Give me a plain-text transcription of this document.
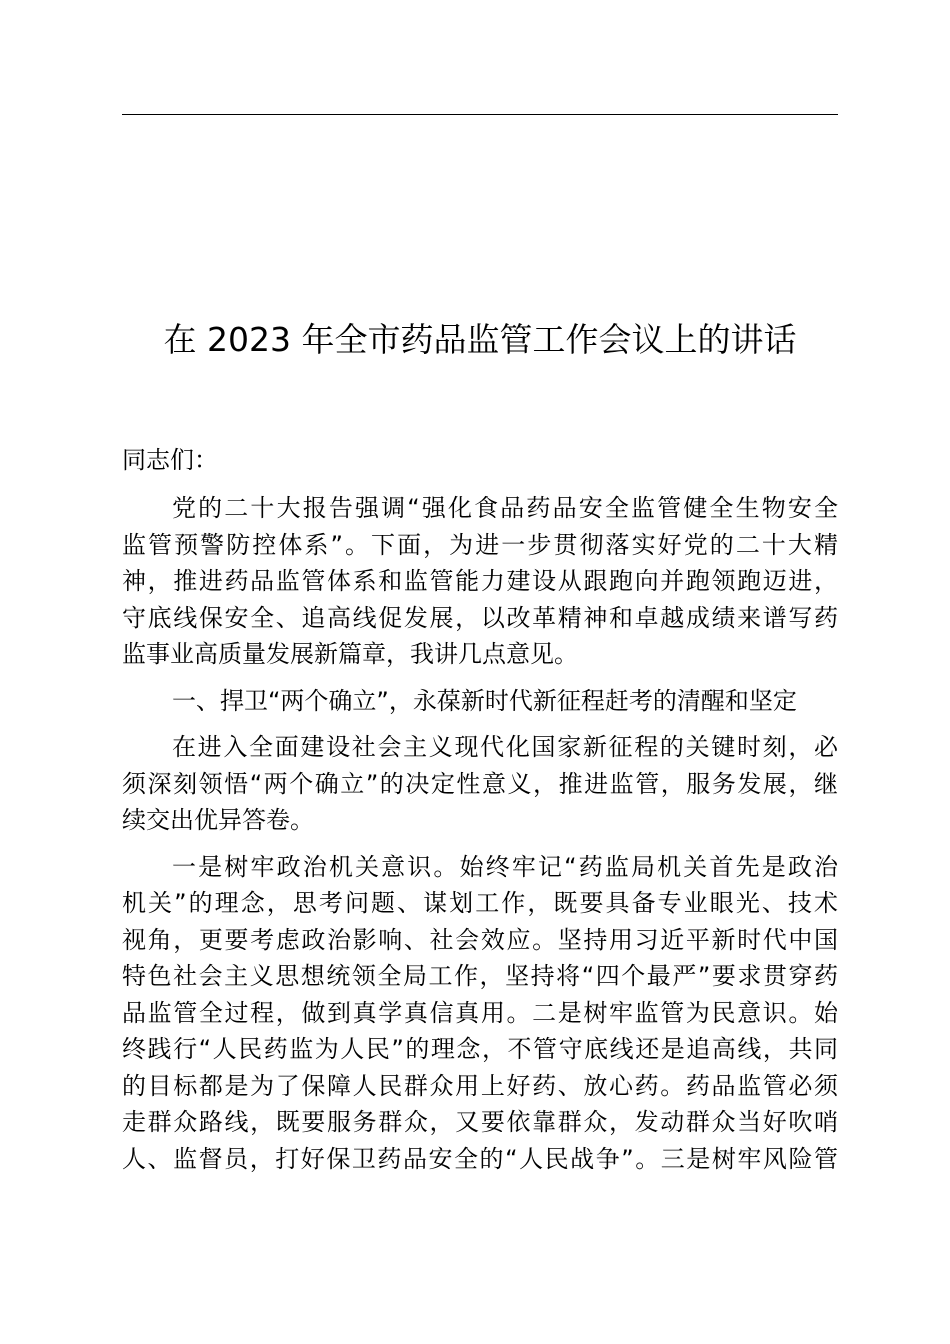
在 2023 年全市药品监管工作会议上的讲话
同志们：
党的二十大报告强调“强化食品药品安全监管健全生物安全
监管预警防控体系”。下面，为进一步贯彻落实好党的二十大精
神，推进药品监管体系和监管能力建设从跟跑向并跑领跑迈进，
守底线保安全、追高线促发展，以改革精神和卓越成绩来谱写药
监事业高质量发展新篇章，我讲几点意见。
一、捍卫“两个确立”，永葆新时代新征程赶考的清醒和坚定
在进入全面建设社会主义现代化国家新征程的关键时刻，必
须深刻领悟“两个确立”的决定性意义，推进监管，服务发展，继
续交出优异答卷。
一是树牢政治机关意识。始终牢记“药监局机关首先是政治
机关”的理念，思考问题、谋划工作，既要具备专业眼光、技术
视角，更要考虑政治影响、社会效应。坚持用习近平新时代中国
特色社会主义思想统领全局工作，坚持将“四个最严”要求贯穿药
品监管全过程，做到真学真信真用。二是树牢监管为民意识。始
终践行“人民药监为人民”的理念，不管守底线还是追高线，共同
的目标都是为了保障人民群众用上好药、放心药。药品监管必须
走群众路线，既要服务群众，又要依靠群众，发动群众当好吹哨
人、监督员，打好保卫药品安全的“人民战争”。三是树牢风险管
